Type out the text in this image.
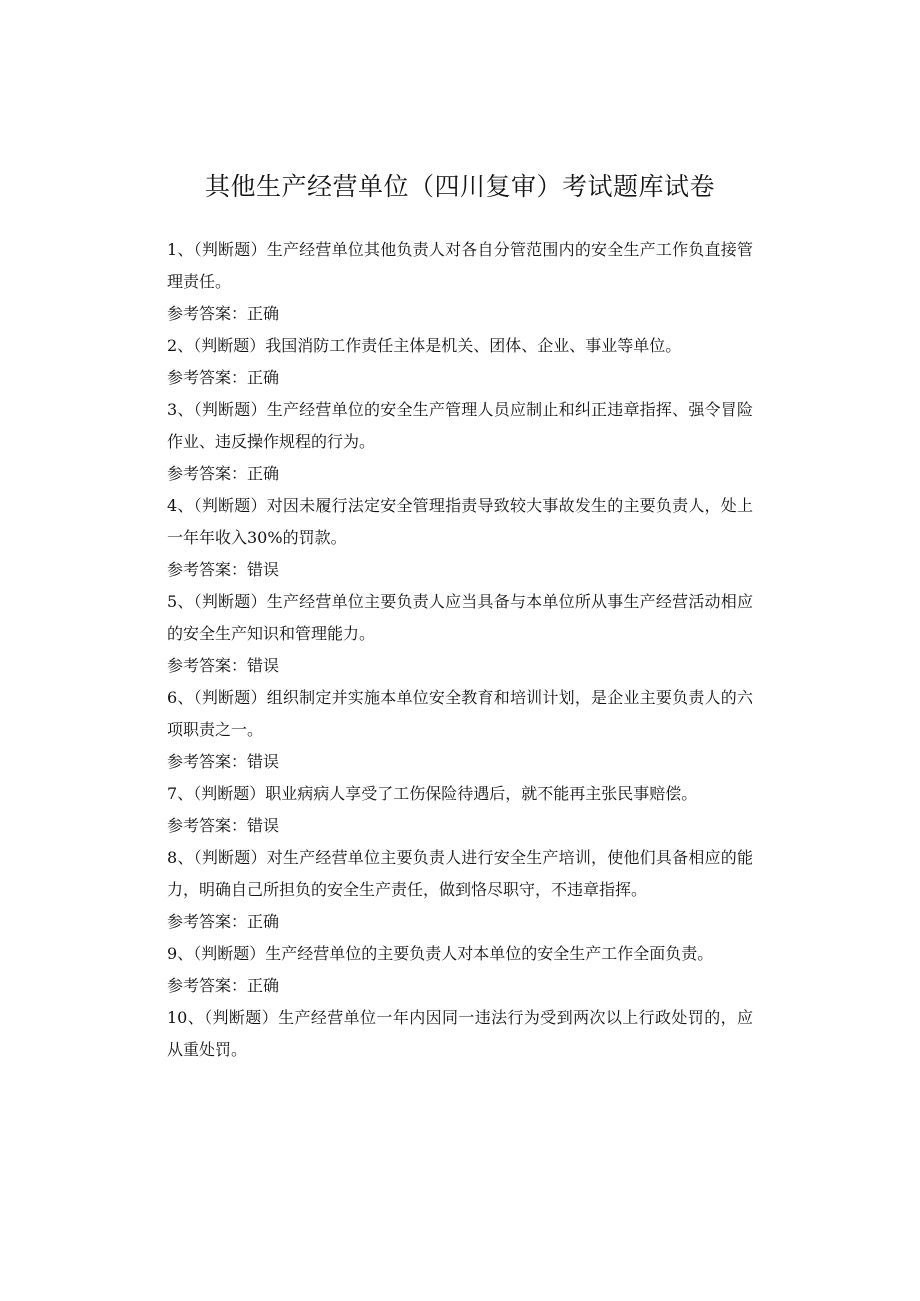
其他生产经营单位（四川复审）考试题库试卷

1、（判断题）生产经营单位其他负责人对各自分管范围内的安全生产工作负直接管理责任。

参考答案：正确

2、（判断题）我国消防工作责任主体是机关、团体、企业、事业等单位。

参考答案：正确

3、（判断题）生产经营单位的安全生产管理人员应制止和纠正违章指挥、强令冒险作业、违反操作规程的行为。

参考答案：正确

4、（判断题）对因未履行法定安全管理指责导致较大事故发生的主要负责人，处上一年年收入30%的罚款。

参考答案：错误

5、（判断题）生产经营单位主要负责人应当具备与本单位所从事生产经营活动相应的安全生产知识和管理能力。

参考答案：错误

6、（判断题）组织制定并实施本单位安全教育和培训计划，是企业主要负责人的六项职责之一。

参考答案：错误

7、（判断题）职业病病人享受了工伤保险待遇后，就不能再主张民事赔偿。

参考答案：错误

8、（判断题）对生产经营单位主要负责人进行安全生产培训，使他们具备相应的能力，明确自己所担负的安全生产责任，做到恪尽职守，不违章指挥。

参考答案：正确

9、（判断题）生产经营单位的主要负责人对本单位的安全生产工作全面负责。

参考答案：正确

10、（判断题）生产经营单位一年内因同一违法行为受到两次以上行政处罚的，应从重处罚。
